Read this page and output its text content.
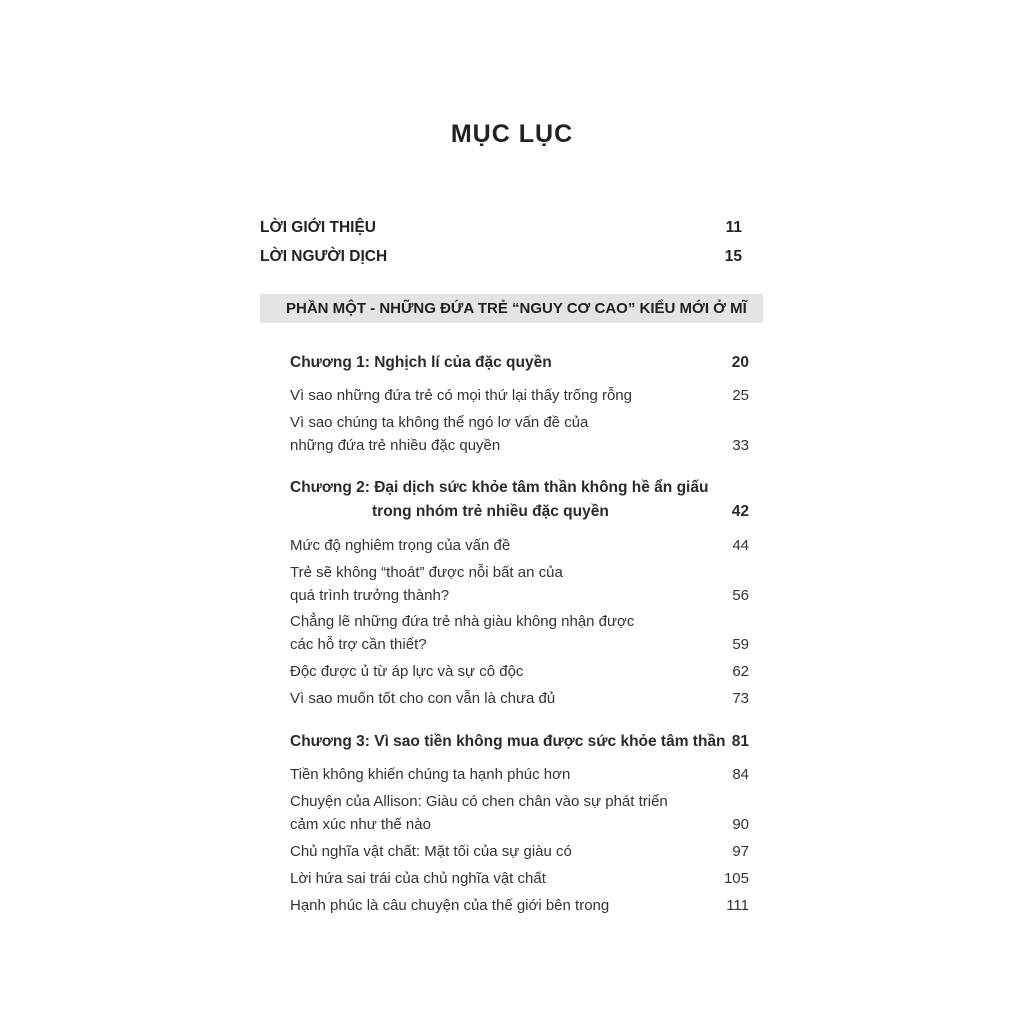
MỤC LỤC
LỜI GIỚI THIỆU	11
LỜI NGƯỜI DỊCH	15
PHẦN MỘT - NHỮNG ĐỨA TRẺ “NGUY CƠ CAO” KIỂU MỚI Ở MĨ
Chương 1: Nghịch lí của đặc quyền	20
Vì sao những đứa trẻ có mọi thứ lại thấy trống rỗng	25
Vì sao chúng ta không thể ngó lơ vấn đề của
những đứa trẻ nhiều đặc quyền	33
Chương 2: Đại dịch sức khỏe tâm thần không hề ẩn giấu
trong nhóm trẻ nhiều đặc quyền	42
Mức độ nghiêm trọng của vấn đề	44
Trẻ sẽ không “thoát” được nỗi bất an của
quá trình trưởng thành?	56
Chẳng lẽ những đứa trẻ nhà giàu không nhận được
các hỗ trợ cần thiết?	59
Độc được ủ từ áp lực và sự cô độc	62
Vì sao muốn tốt cho con vẫn là chưa đủ	73
Chương 3: Vì sao tiền không mua được sức khỏe tâm thần 81
Tiền không khiến chúng ta hạnh phúc hơn	84
Chuyện của Allison: Giàu có chen chân vào sự phát triển
cảm xúc như thế nào	90
Chủ nghĩa vật chất: Mặt tối của sự giàu có	97
Lời hứa sai trái của chủ nghĩa vật chất	105
Hạnh phúc là câu chuyện của thế giới bên trong	111
